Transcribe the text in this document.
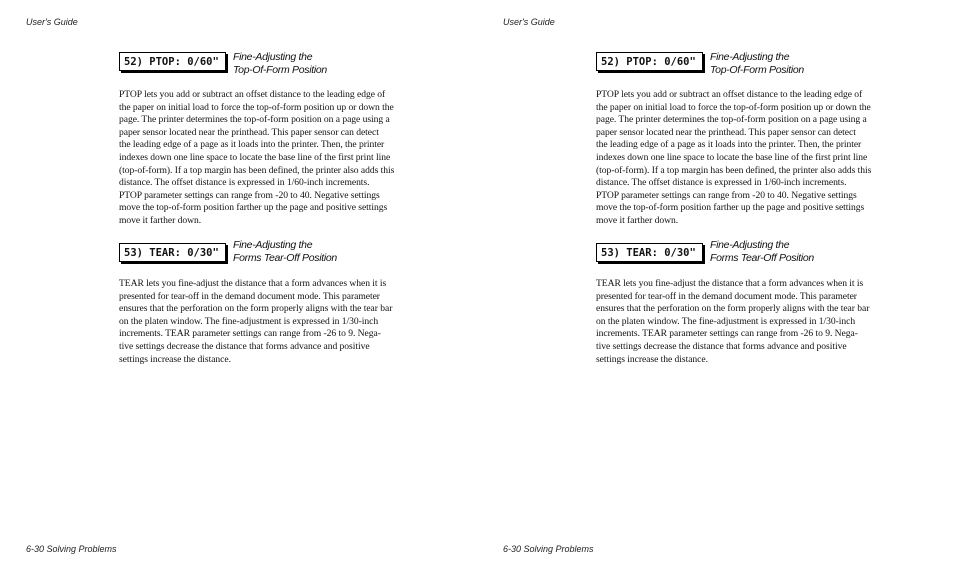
User's Guide
52) PTOP: 0/60"	Fine-Adjusting the
Top-Of-Form Position
PTOP lets you add or subtract an offset distance to the leading edge of
the paper on initial load to force the top-of-form position up or down the
page. The printer determines the top-of-form position on a page using a
paper sensor located near the printhead. This paper sensor can detect
the leading edge of a page as it loads into the printer. Then, the printer
indexes down one line space to locate the base line of the first print line
(top-of-form). If a top margin has been defined, the printer also adds this
distance. The offset distance is expressed in 1/60-inch increments.
PTOP parameter settings can range from -20 to 40. Negative settings
move the top-of-form position farther up the page and positive settings
move it farther down.
53) TEAR: 0/30"
Fine-Adjusting the
Forms Tear-Off Position
TEAR lets you fine-adjust the distance that a form advances when it is
presented for tear-off in the demand document mode. This parameter
ensures that the perforation on the form properly aligns with the tear bar
on the platen window. The fine-adjustment is expressed in 1/30-inch
increments. TEAR parameter settings can range from -26 to 9. Nega-
tive settings decrease the distance that forms advance and positive
settings increase the distance.
6-30 Solving Problems
User's Guide
52) PTOP: 0/60"	Fine-Adjusting the
Top-Of-Form Position
PTOP lets you add or subtract an offset distance to the leading edge of
the paper on initial load to force the top-of-form position up or down the
page. The printer determines the top-of-form position on a page using a
paper sensor located near the printhead. This paper sensor can detect
the leading edge of a page as it loads into the printer. Then, the printer
indexes down one line space to locate the base line of the first print line
(top-of-form). If a top margin has been defined, the printer also adds this
distance. The offset distance is expressed in 1/60-inch increments.
PTOP parameter settings can range from -20 to 40. Negative settings
move the top-of-form position farther up the page and positive settings
move it farther down.
53) TEAR: 0/30"
Fine-Adjusting the
Forms Tear-Off Position
TEAR lets you fine-adjust the distance that a form advances when it is
presented for tear-off in the demand document mode. This parameter
ensures that the perforation on the form properly aligns with the tear bar
on the platen window. The fine-adjustment is expressed in 1/30-inch
increments. TEAR parameter settings can range from -26 to 9. Nega-
tive settings decrease the distance that forms advance and positive
settings increase the distance.
6-30 Solving Problems
